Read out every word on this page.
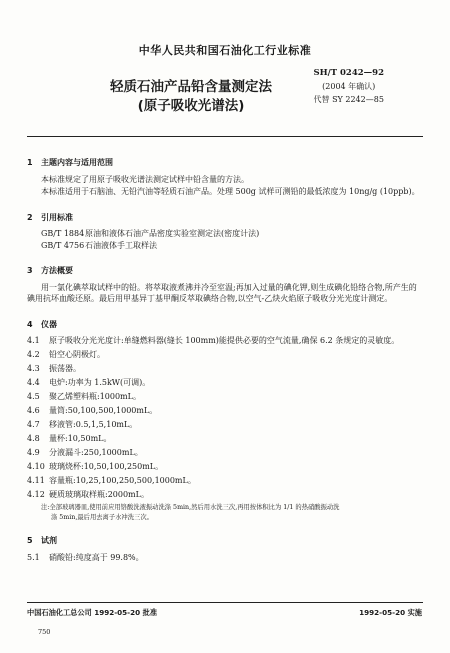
中华人民共和国石油化工行业标准
轻质石油产品铅含量测定法
(原子吸收光谱法)
SH/T 0242—92
(2004 年确认)
代替 SY 2242—85
1 主题内容与适用范围
本标准规定了用原子吸收光谱法测定试样中铅含量的方法。
本标准适用于石脑油、无铅汽油等轻质石油产品。处理 500g 试样可测铅的最低浓度为 10ng/g (10ppb)。
2 引用标准
GB/T 1884原油和液体石油产品密度实验室测定法(密度计法)
GB/T 4756石油液体手工取样法
3 方法概要
用一氯化碘萃取试样中的铅。将萃取液煮沸并冷至室温;再加入过量的碘化钾,则生成碘化铅络合物,所产生的碘用抗坏血酸还原。最后用甲基异丁基甲酮反萃取碘络合物,以空气-乙炔火焰原子吸收分光光度计测定。
4 仪器
4.1 原子吸收分光光度计:单缝燃料器(缝长 100mm)能提供必要的空气流量,确保 6.2 条规定的灵敏度。
4.2 铅空心阴极灯。
4.3 振荡器。
4.4 电炉:功率为 1.5kW(可调)。
4.5 聚乙烯塑料瓶:1000mL。
4.6 量筒:50,100,500,1000mL。
4.7 移液管:0.5,1,5,10mL。
4.8 量杯:10,50mL。
4.9 分液漏斗:250,1000mL。
4.10 玻璃烧杯:10,50,100,250mL。
4.11 容量瓶:10,25,100,250,500,1000mL。
4.12 硬质玻璃取样瓶:2000mL。
注:全部玻璃器皿,使用前应用铬酸洗液振动洗涤 5min,然后用水洗三次,再用按体积比为 1/1 的热硝酸振动洗
涤 5min,最后用去离子水冲洗三次。
5 试剂
5.1 硝酸铅:纯度高于 99.8%。
中国石油化工总公司 1992-05-20 批准	1992-05-20 实施
750
